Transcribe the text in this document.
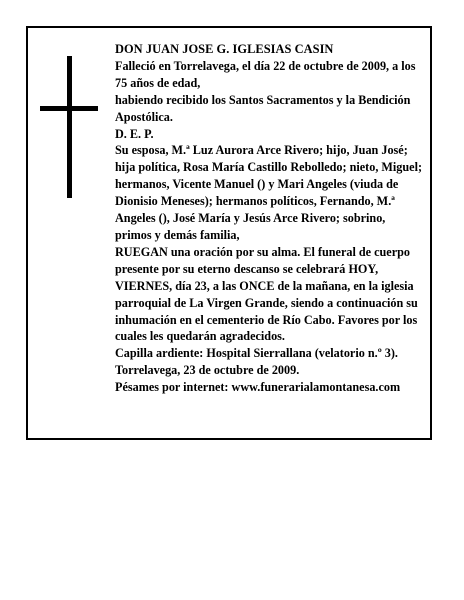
DON JUAN JOSE G. IGLESIAS CASIN

Falleció en Torrelavega, el día 22 de octubre de 2009, a los 75 años de edad,

habiendo recibido los Santos Sacramentos y la Bendición Apostólica.

D. E. P.

Su esposa, M.ª Luz Aurora Arce Rivero; hijo, Juan José; hija política, Rosa María Castillo Rebolledo; nieto, Miguel; hermanos, Vicente Manuel () y Mari Angeles (viuda de Dionisio Meneses); hermanos políticos, Fernando, M.ª Angeles (), José María y Jesús Arce Rivero; sobrino, primos y demás familia,

RUEGAN una oración por su alma. El funeral de cuerpo presente por su eterno descanso se celebrará HOY, VIERNES, día 23, a las ONCE de la mañana, en la iglesia parroquial de La Virgen Grande, siendo a continuación su inhumación en el cementerio de Río Cabo. Favores por los cuales les quedarán agradecidos.

Capilla ardiente: Hospital Sierrallana (velatorio n.º 3).

Torrelavega, 23 de octubre de 2009.

Pésames por internet: www.funerarialamontanesa.com
